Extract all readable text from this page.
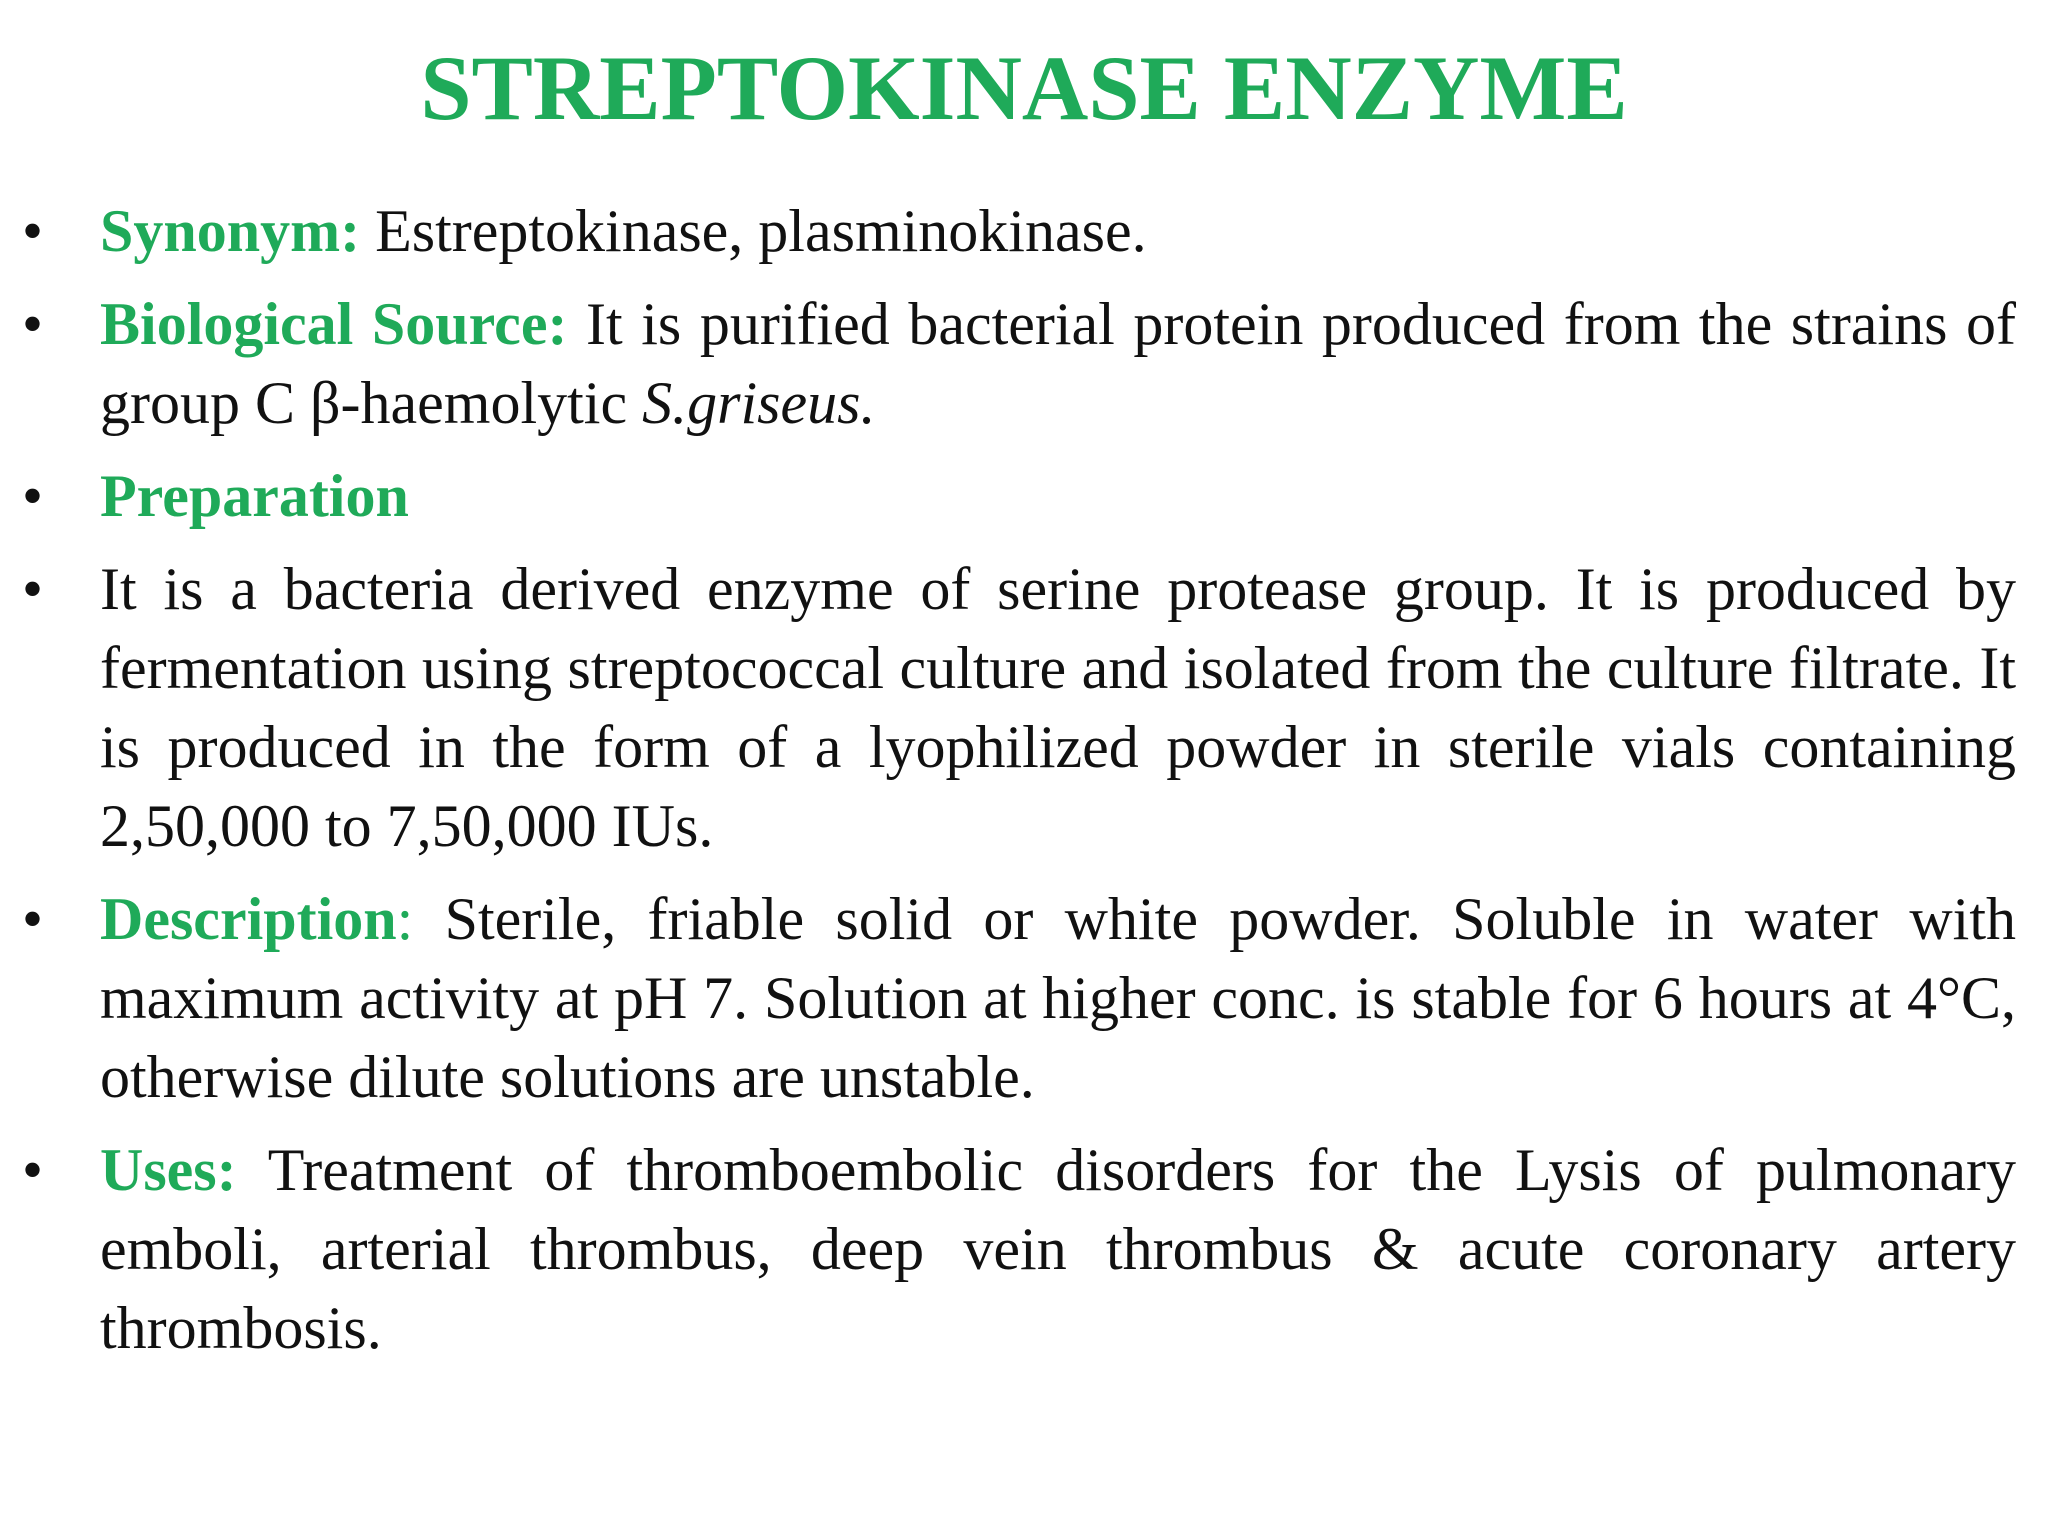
STREPTOKINASE ENZYME
• Synonym: Estreptokinase, plasminokinase.
• Biological Source: It is purified bacterial protein produced from the strains of group C β-haemolytic S.griseus.
• Preparation
• It is a bacteria derived enzyme of serine protease group. It is produced by fermentation using streptococcal culture and isolated from the culture filtrate. It is produced in the form of a lyophilized powder in sterile vials containing 2,50,000 to 7,50,000 IUs.
• Description: Sterile, friable solid or white powder. Soluble in water with maximum activity at pH 7. Solution at higher conc. is stable for 6 hours at 4°C, otherwise dilute solutions are unstable.
• Uses: Treatment of thromboembolic disorders for the Lysis of pulmonary emboli, arterial thrombus, deep vein thrombus & acute coronary artery thrombosis.
